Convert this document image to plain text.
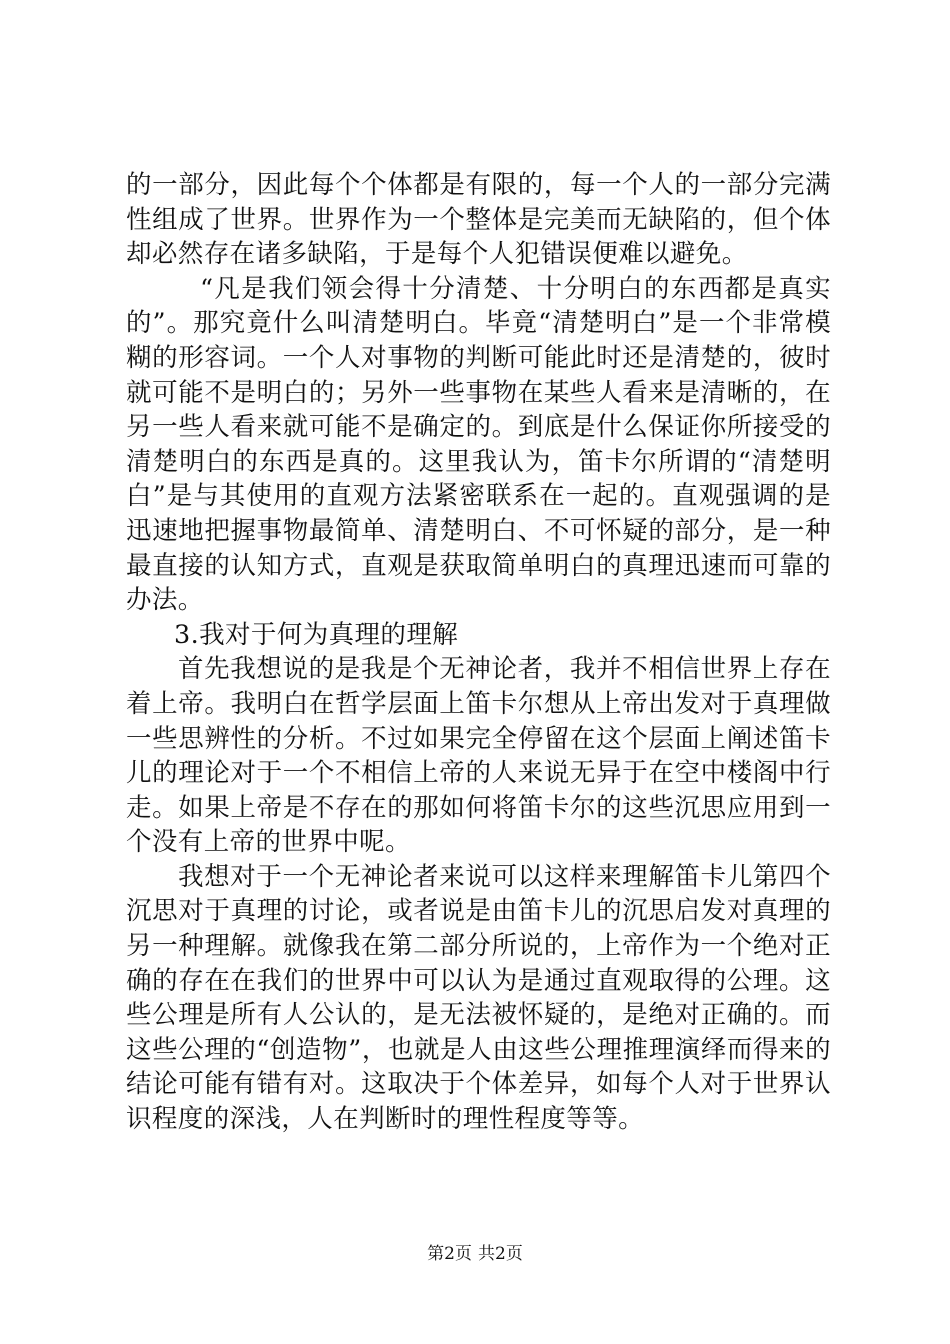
的一部分，因此每个个体都是有限的，每一个人的一部分完满性组成了世界。世界作为一个整体是完美而无缺陷的，但个体却必然存在诸多缺陷，于是每个人犯错误便难以避免。

“凡是我们领会得十分清楚、十分明白的东西都是真实的”。那究竟什么叫清楚明白。毕竟“清楚明白”是一个非常模糊的形容词。一个人对事物的判断可能此时还是清楚的，彼时就可能不是明白的；另外一些事物在某些人看来是清晰的，在另一些人看来就可能不是确定的。到底是什么保证你所接受的清楚明白的东西是真的。这里我认为，笛卡尔所谓的“清楚明白”是与其使用的直观方法紧密联系在一起的。直观强调的是迅速地把握事物最简单、清楚明白、不可怀疑的部分，是一种最直接的认知方式，直观是获取简单明白的真理迅速而可靠的办法。

3.我对于何为真理的理解

首先我想说的是我是个无神论者，我并不相信世界上存在着上帝。我明白在哲学层面上笛卡尔想从上帝出发对于真理做一些思辨性的分析。不过如果完全停留在这个层面上阐述笛卡儿的理论对于一个不相信上帝的人来说无异于在空中楼阁中行走。如果上帝是不存在的那如何将笛卡尔的这些沉思应用到一个没有上帝的世界中呢。

我想对于一个无神论者来说可以这样来理解笛卡儿第四个沉思对于真理的讨论，或者说是由笛卡儿的沉思启发对真理的另一种理解。就像我在第二部分所说的，上帝作为一个绝对正确的存在在我们的世界中可以认为是通过直观取得的公理。这些公理是所有人公认的，是无法被怀疑的，是绝对正确的。而这些公理的“创造物”，也就是人由这些公理推理演绎而得来的结论可能有错有对。这取决于个体差异，如每个人对于世界认识程度的深浅，人在判断时的理性程度等等。

第2页 共2页
